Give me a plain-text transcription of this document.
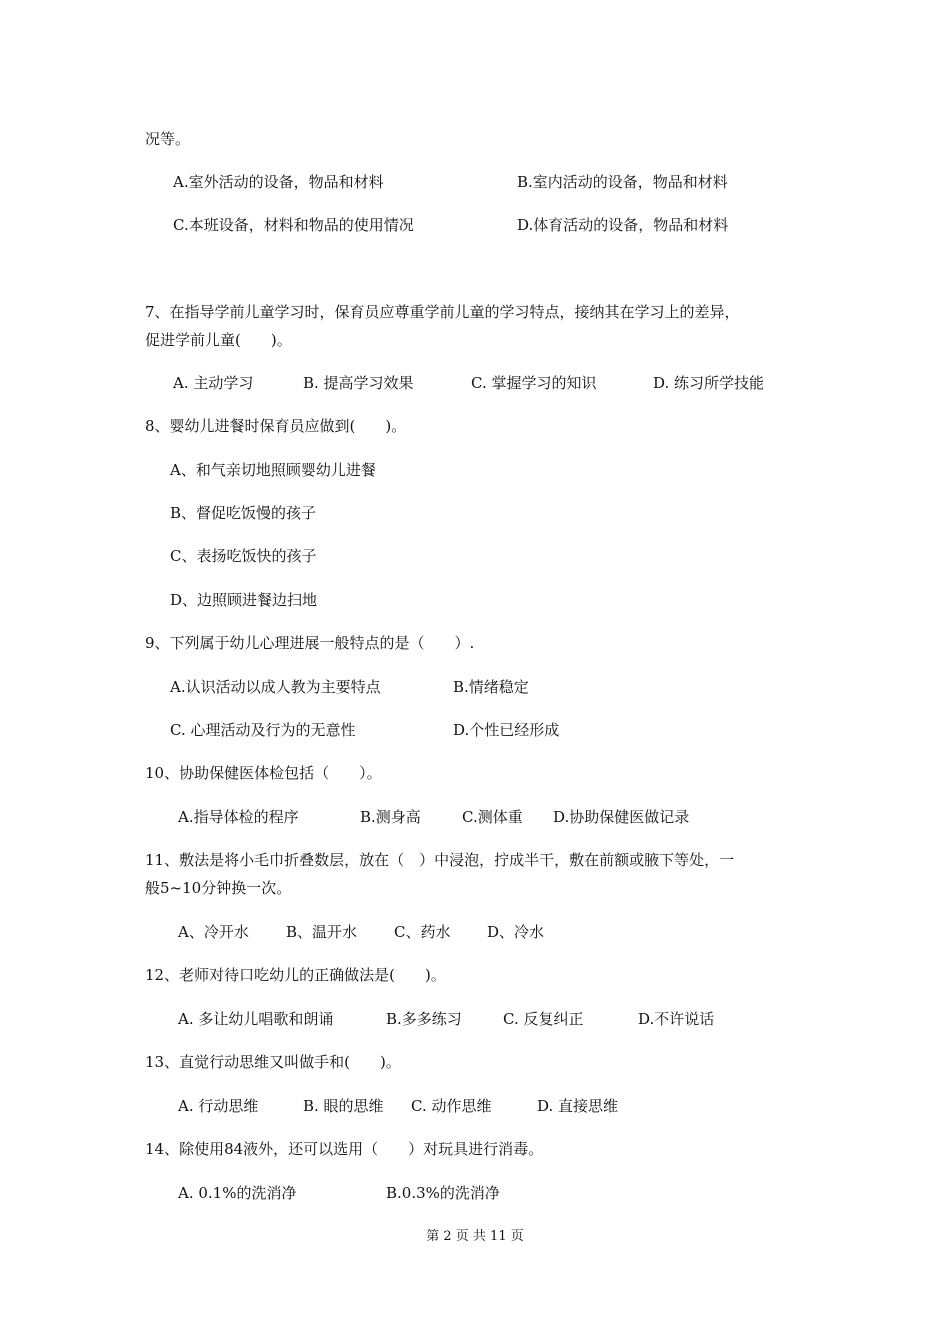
况等。
A.室外活动的设备，物品和材料	B.室内活动的设备，物品和材料
C.本班设备，材料和物品的使用情况	D.体育活动的设备，物品和材料
7、在指导学前儿童学习时，保育员应尊重学前儿童的学习特点，接纳其在学习上的差异，
促进学前儿童(　　)。
A. 主动学习	B. 提高学习效果	C. 掌握学习的知识	D. 练习所学技能
8、婴幼儿进餐时保育员应做到(　　)。
A、和气亲切地照顾婴幼儿进餐
B、督促吃饭慢的孩子
C、表扬吃饭快的孩子
D、边照顾进餐边扫地
9、下列属于幼儿心理进展一般特点的是（　　）.
A.认识活动以成人教为主要特点	B.情绪稳定
C. 心理活动及行为的无意性	D.个性已经形成
10、协助保健医体检包括（　　）。
A.指导体检的程序	B.测身高	C.测体重 D.协助保健医做记录
11、敷法是将小毛巾折叠数层，放在（　）中浸泡，拧成半干，敷在前额或腋下等处，一
般5~10分钟换一次。
A、冷开水 B、温开水 C、药水 D、冷水
12、老师对待口吃幼儿的正确做法是(　　)。
A. 多让幼儿唱歌和朗诵	B.多多练习	C. 反复纠正	D.不许说话
13、直觉行动思维又叫做手和(　　)。
A. 行动思维	B. 眼的思维 C. 动作思维	D. 直接思维
14、除使用84液外，还可以选用（　　）对玩具进行消毒。
A. 0.1%的洗消净	B.0.3%的洗消净
第 2 页 共 11 页
